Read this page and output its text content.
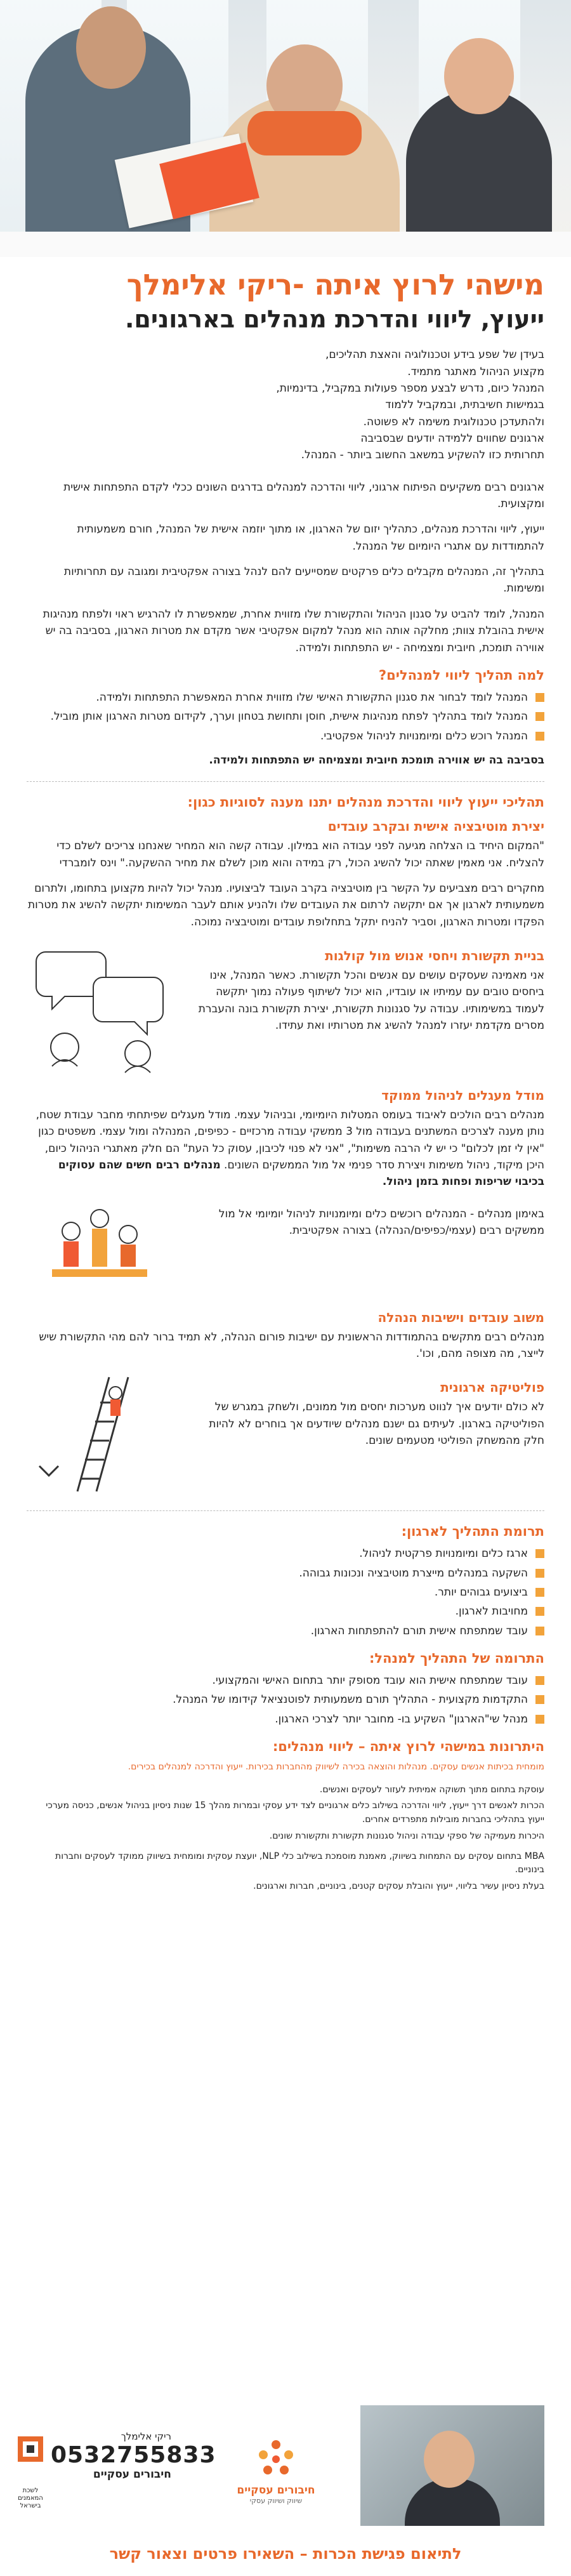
מישהי לרוץ איתה -ריקי אלימלך
ייעוץ, ליווי והדרכת מנהלים בארגונים.
בעידן של שפע בידע וטכנולוגיה והאצת תהליכים,
מקצוע הניהול מאתגר מתמיד.
המנהל כיום, נדרש לבצע מספר פעולות במקביל, בדינמיות,
בגמישות חשיבתית, ובמקביל ללמוד
ולהתעדכן טכנולוגית משימה לא פשוטה.
ארגונים שחווים ללמידה יודעים שבסביבה
תחרותית כזו להשקיע במשאב החשוב ביותר - המנהל.

ארגונים רבים משקיעים הפיתוח ארגוני, ליווי והדרכה למנהלים בדרגים השונים ככלי לקדם התפתחות אישית ומקצועית.

ייעוץ, ליווי והדרכת מנהלים, כתהליך יזום של הארגון, או מתוך יוזמה אישית של המנהל, חורם משמעותית להתמודדות עם אתגרי היומיום של המנהל.

בתהליך זה, המנהלים מקבלים כלים פרקטים שמסייעים להם לנהל בצורה אפקטיבית ומגובה עם תחרותיות ומשימות.

המנהל, לומד להביט על סגנון הניהול והתקשורת שלו מזווית אחרת, שמאפשרת לו להרגיש ראוי ולפתח מנהיגות אישית בהובלת צוות; מחלקה אותה הוא מנהל למקום אפקטיבי אשר מקדם את מטרות הארגון, בסביבה בה יש אווירה תומכת, חיובית ומצמיחה - יש התפתחות ולמידה.

למה תהליך ליווי למנהלים?
המנהל לומד לבחור את סגנון התקשורת האישי שלו מזווית אחרת המאפשרת התפתחות ולמידה.
המנהל לומד בתהליך לפתח מנהיגות אישית, חוסן ותחושת בטחון וערך, לקידום מטרות הארגון אותן מוביל.
המנהל רוכש כלים ומיומנויות לניהול אפקטיבי.

בסביבה בה יש אווירה תומכת חיובית ומצמיחה יש התפתחות ולמידה.

תהליכי ייעוץ ליווי והדרכת מנהלים יתנו מענה לסוגיות כגון:
יצירת מוטיבציה אישית ובקרב עובדים

"המקום היחיד בו הצלחה מגיעה לפני עבודה הוא במילון. עבודה קשה הוא המחיר שאנחנו צריכים לשלם כדי להצליח. אני מאמין שאתה יכול להשיג הכול, רק במידה והוא מוכן לשלם את מחיר ההשקעה." וינס לומברדי

מחקרים רבים מצביעים על הקשר בין מוטיבציה בקרב העובד לביצועיו. מנהל יכול להיות מקצוען בתחומו, ולתרום משמעותית לארגון אך אם יתקשה לרתום את העובדים שלו ולהניע אותם לעבר המשימות יתקשה להשיג את מטרות הפקדו ומטרות הארגון, וסביר להניח יתקל בתחלופת עובדים ומוטיבציה נמוכה.

בניית תקשורת ויחסי אנוש מול קולגות

אני מאמינה שעסקים עושים עם אנשים והכל תקשורת. כאשר המנהל, אינו ביחסים טובים עם עמיתיו או עובדיו, הוא יכול לשיתוף פעולה נמוך יתקשה לעמוד במשימותיו. עבודה על סגנונות תקשורת, יצירת תקשורת בונה והעברת מסרים מקדמת יעזרו למנהל להשיג את מטרותיו ואת עתידו.

מודל מעגלים לניהול ממוקד

מנהלים רבים הולכים לאיבוד בעומס המטלות היומיומי, ובניהול עצמי. מודל מעגלים שפיתחתי מחבר עבודת שטח, נותן מענה לצרכים המשתנים בעבודה מול 3 ממשקי עבודה מרכזיים - כפיפים, המנהלה ומול עצמי. משפטים כגון "אין לי זמן לכלום" כי יש לי הרבה משימות", "אני לא פנוי לכיבון, עסוק כל העת" הם חלק מאתגרי הניהול כיום, היכן מיקוד, ניהול משימות ויצירת סדר פנימי אל מול הממשקים השונים. מנהלים רבים חשים שהם עסוקים בכיבוי שריפות ופחות בזמן ניהול.

באימון מנהלים - המנהלים רוכשים כלים ומיומנויות לניהול יומיומי אל מול ממשקים רבים (עצמי/כפיפים/הנהלה) בצורה אפקטיבית.

משוב עובדים וישיבות הנהלה

מנהלים רבים מתקשים בהתמודדות הראשונית עם ישיבות פורום הנהלה, לא תמיד ברור להם מהי התקשורת שיש לייצר, מה מצופה מהם, וכו'.

פוליטיקה ארגונית

לא כולם יודעים איך לנווט מערכות יחסים מול ממונים, ולשחק במגרש של הפוליטיקה בארגון. לעיתים גם ישנם מנהלים שיודעים אך בוחרים לא להיות חלק מהמשחק הפוליטי מטעמים שונים.

תרומת התהליך לארגון:
ארגז כלים ומיומנויות פרקטית לניהול.
השקעה במנהלים מייצרת מוטיבציה ונכונות גבוהה.
ביצועים גבוהים יותר.
מחויבות לארגון.
עובד שמתפתח אישית תורם להתפתחות הארגון.
התרומה של התהליך למנהל:
עובד שמתפתח אישית הוא עובד מסופק יותר בתחום האישי והמקצועי.
התקדמות מקצועית - התהליך תורם משמעותית לפוטנציאל קידומו של המנהל.
מנהל שי"הארגון" השקיע בו- מחובר יותר לצרכי הארגון.
היתרונות במישהי לרוץ איתה – ליווי מנהלים:

מומחית בכיתות אנשים עסקים. מנהלות והוצאה בכירה לשיווק מהחברות בכירות. ייעוץ והדרכה למנהלים בכירים.

עוסקת בתחום מתוך תשוקה אמיתית לעזור לעסקים ואנשים.

הכרות לאנשים דרך ייעוץ, ליווי והדרכה בשילוב כלים ארגוניים לצד ידע עסקי ובמרות מהלך 15 שנות ניסיון בניהול אנשים, כניסה מערכי ייעוץ בתהליכי בחברות מובילות מתפרדים אחרים.

היכרות מעמיקה של ספקי עבודה וניהול סגנונות תקשורת ותקשורת שונים.

MBA בתחום עסקים עם התמחות בשיווק, מאמנת מוסמכת בשילוב כלי NLP, יועצת עסקית ומומחית בשיווק ממוקד לעסקים וחברות בינוניים.

בעלת ניסיון עשיר בליווי, ייעוץ והובלת עסקים קטנים, בינוניים, חברות וארגונים.

חיבורים עסקיים
שיווק ושיווק עסקי
ריקי אלימלך
0532755833
חיבורים עסקיים
לשכת המאמנים בישראל
לתיאום פגישת הכרות – השאירו פרטים וצאור קשר
